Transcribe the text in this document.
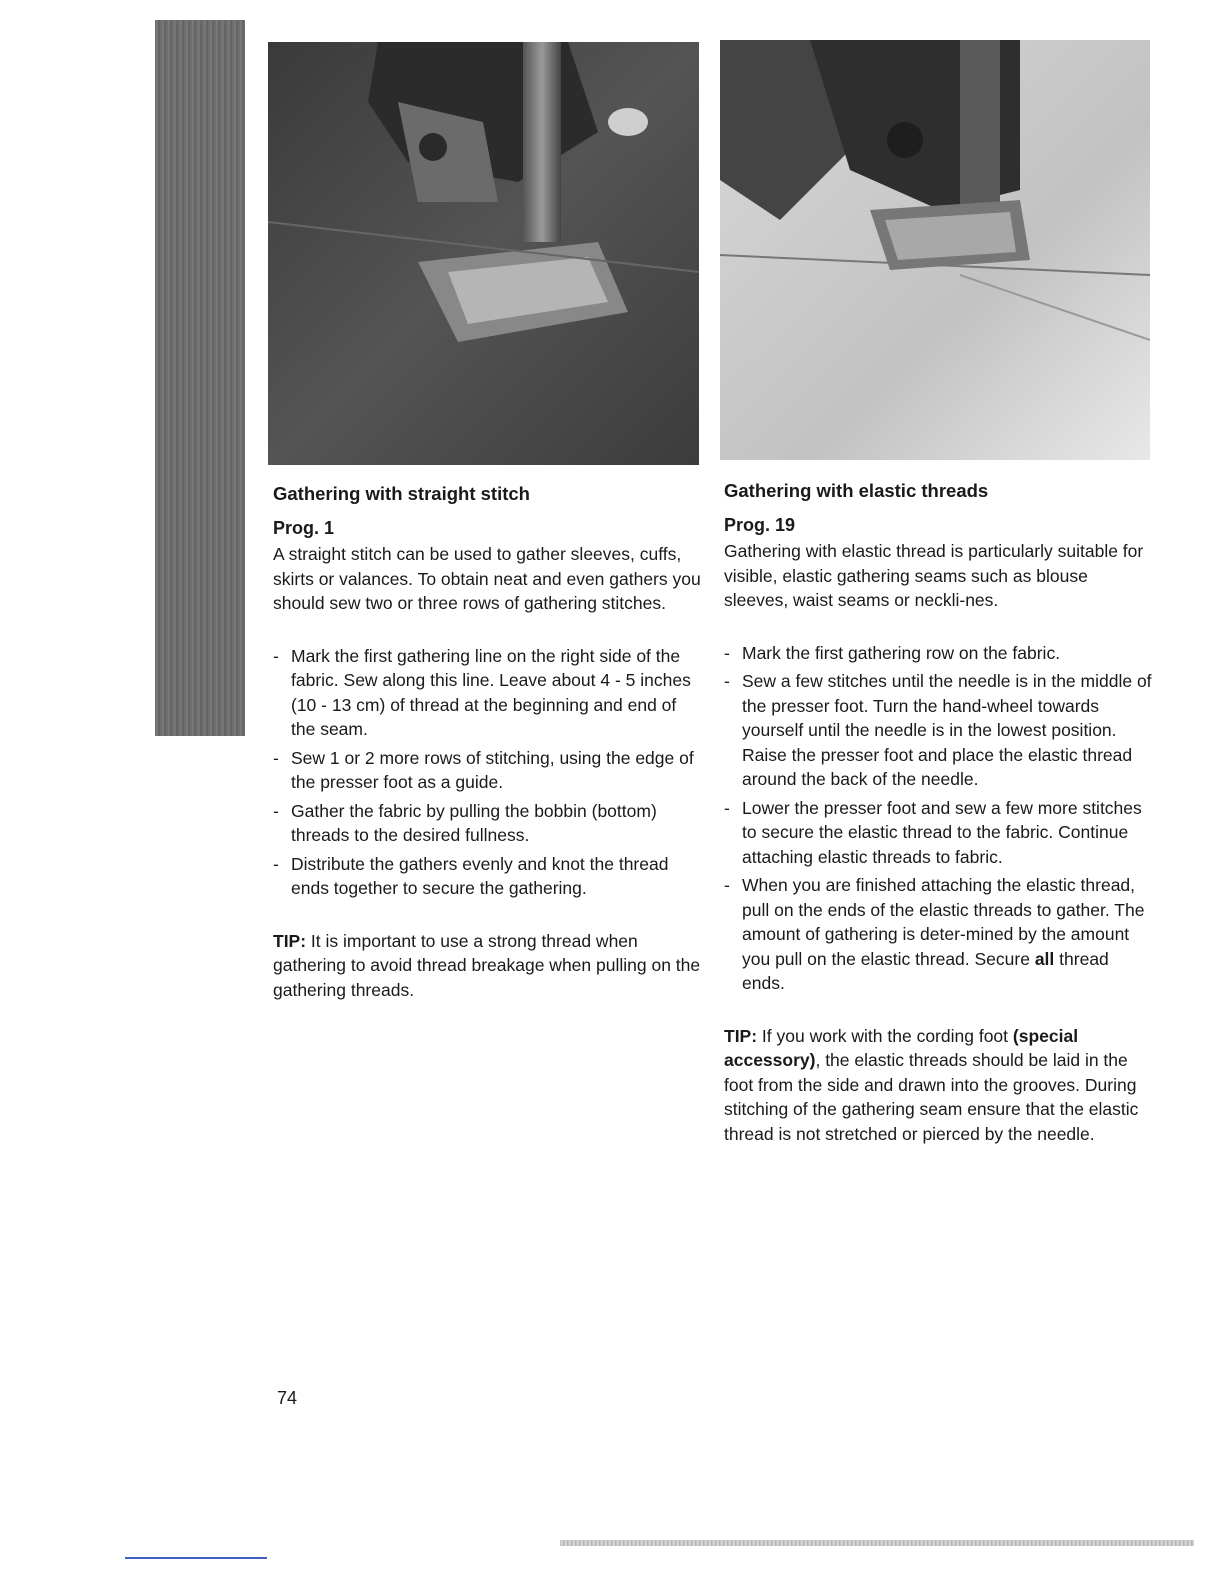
Gathering with straight stitch
Prog. 1

A straight stitch can be used to gather sleeves, cuffs, skirts or valances. To obtain neat and even gathers you should sew two or three rows of gathering stitches.

- Mark the first gathering line on the right side of the fabric. Sew along this line. Leave about 4 - 5 inches (10 - 13 cm) of thread at the beginning and end of the seam.
- Sew 1 or 2 more rows of stitching, using the edge of the presser foot as a guide.
- Gather the fabric by pulling the bobbin (bottom) threads to the desired fullness.
- Distribute the gathers evenly and knot the thread ends together to secure the gathering.

TIP: It is important to use a strong thread when gathering to avoid thread breakage when pulling on the gathering threads.

Gathering with elastic threads
Prog. 19

Gathering with elastic thread is particularly suitable for visible, elastic gathering seams such as blouse sleeves, waist seams or neckli-nes.

- Mark the first gathering row on the fabric.
- Sew a few stitches until the needle is in the middle of the presser foot. Turn the hand-wheel towards yourself until the needle is in the lowest position. Raise the presser foot and place the elastic thread around the back of the needle.
- Lower the presser foot and sew a few more stitches to secure the elastic thread to the fabric. Continue attaching elastic threads to fabric.
- When you are finished attaching the elastic thread, pull on the ends of the elastic threads to gather. The amount of gathering is deter-mined by the amount you pull on the elastic thread. Secure all thread ends.

TIP: If you work with the cording foot (special accessory), the elastic threads should be laid in the foot from the side and drawn into the grooves. During stitching of the gathering seam ensure that the elastic thread is not stretched or pierced by the needle.

74
